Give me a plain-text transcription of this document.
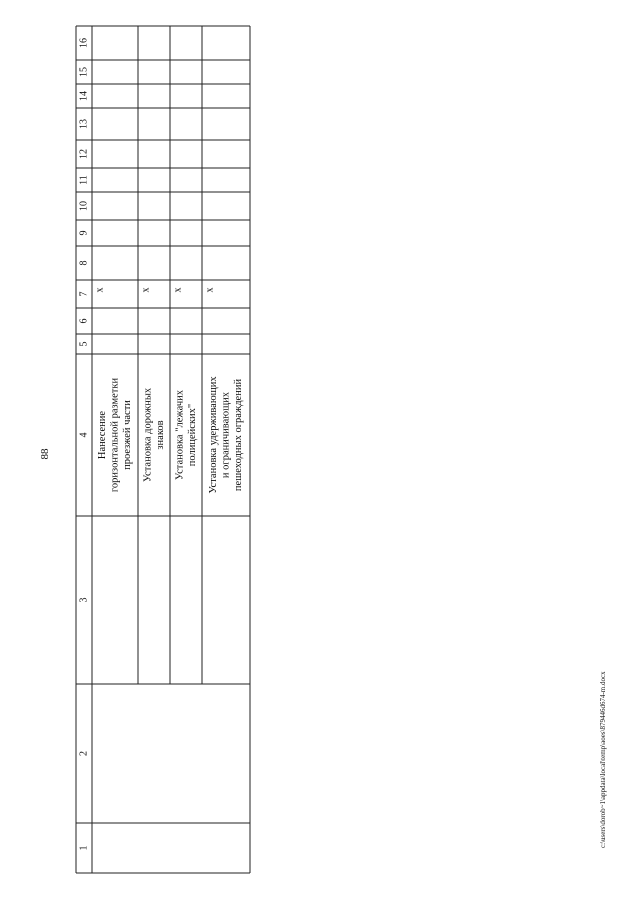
88
c:\users\dorob~1\appdata\local\temp\aoes\879446d674-m.docx
1
2
3
4
5
6
7
8
9
10
11
12
13
14
15
16
Нанесение горизонтальной разметки проезжей части
x
Установка дорожных знаков
x
Установка "лежачих полицейских"
x
Установка удерживающих и ограничивающих пешеходных ограждений
x
